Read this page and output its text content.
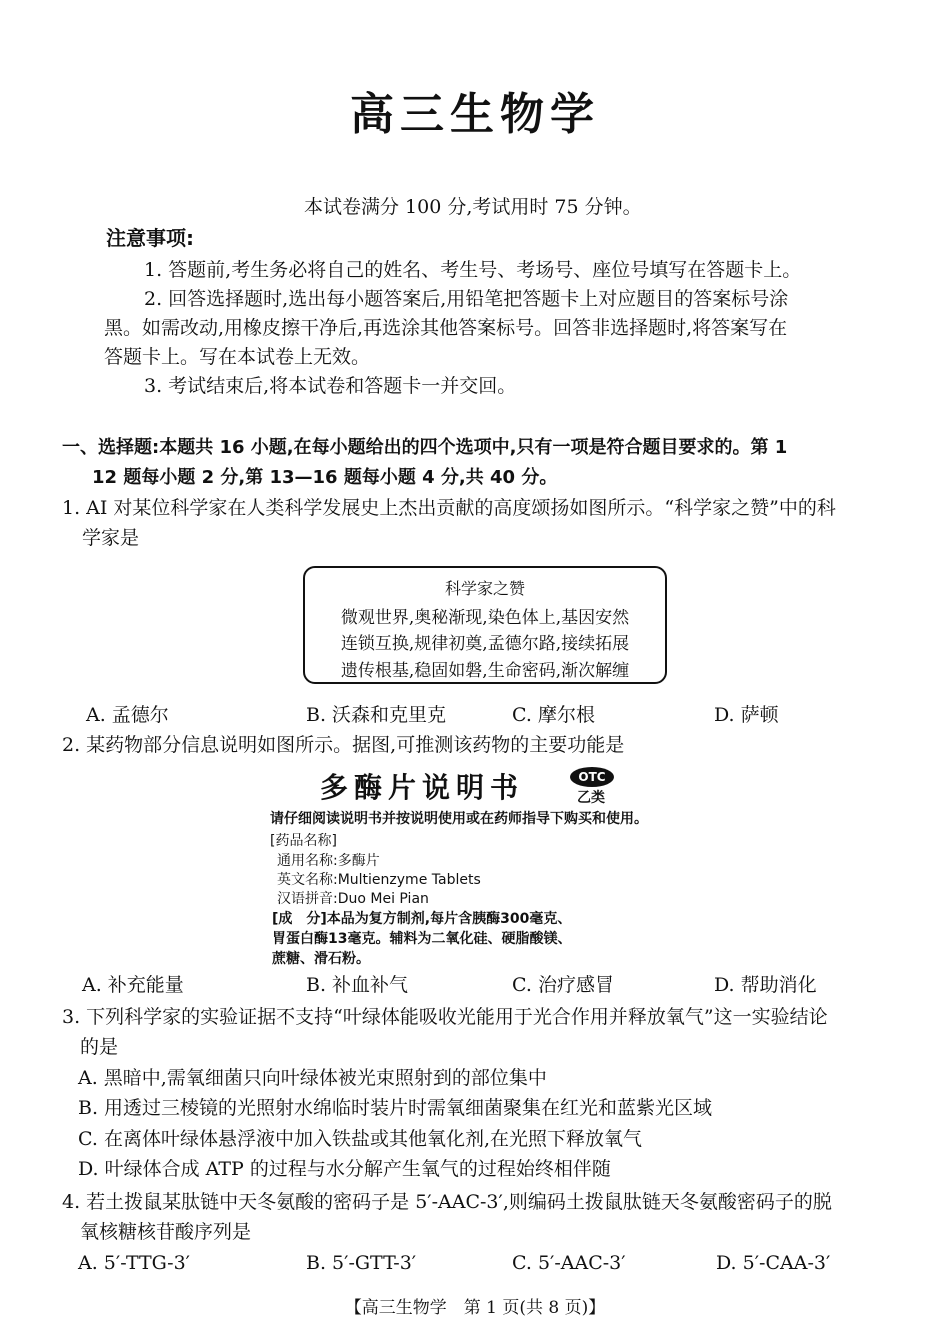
高三生物学
本试卷满分 100 分,考试用时 75 分钟。
注意事项:
1. 答题前,考生务必将自己的姓名、考生号、考场号、座位号填写在答题卡上。
2. 回答选择题时,选出每小题答案后,用铅笔把答题卡上对应题目的答案标号涂
黑。如需改动,用橡皮擦干净后,再选涂其他答案标号。回答非选择题时,将答案写在
答题卡上。写在本试卷上无效。
3. 考试结束后,将本试卷和答题卡一并交回。
一、选择题:本题共 16 小题,在每小题给出的四个选项中,只有一项是符合题目要求的。第 1
12 题每小题 2 分,第 13—16 题每小题 4 分,共 40 分。
1. AI 对某位科学家在人类科学发展史上杰出贡献的高度颂扬如图所示。“科学家之赞”中的科
学家是
科学家之赞
微观世界,奥秘渐现,染色体上,基因安然
连锁互换,规律初奠,孟德尔路,接续拓展
遗传根基,稳固如磐,生命密码,渐次解缠
A. 孟德尔	B. 沃森和克里克	C. 摩尔根	D. 萨顿
2. 某药物部分信息说明如图所示。据图,可推测该药物的主要功能是
多酶片说明书	OTC
乙类
请仔细阅读说明书并按说明使用或在药师指导下购买和使用。
[药品名称]
通用名称:多酶片
英文名称:Multienzyme Tablets
汉语拼音:Duo Mei Pian
[成　分]本品为复方制剂,每片含胰酶300毫克、
胃蛋白酶13毫克。辅料为二氧化硅、硬脂酸镁、
蔗糖、滑石粉。
A. 补充能量	B. 补血补气	C. 治疗感冒	D. 帮助消化
3. 下列科学家的实验证据不支持“叶绿体能吸收光能用于光合作用并释放氧气”这一实验结论
的是
A. 黑暗中,需氧细菌只向叶绿体被光束照射到的部位集中
B. 用透过三棱镜的光照射水绵临时装片时需氧细菌聚集在红光和蓝紫光区域
C. 在离体叶绿体悬浮液中加入铁盐或其他氧化剂,在光照下释放氧气
D. 叶绿体合成 ATP 的过程与水分解产生氧气的过程始终相伴随
4. 若土拨鼠某肽链中天冬氨酸的密码子是 5′-AAC-3′,则编码土拨鼠肽链天冬氨酸密码子的脱
氧核糖核苷酸序列是
A. 5′-TTG-3′	B. 5′-GTT-3′	C. 5′-AAC-3′	D. 5′-CAA-3′
【高三生物学　第 1 页(共 8 页)】
